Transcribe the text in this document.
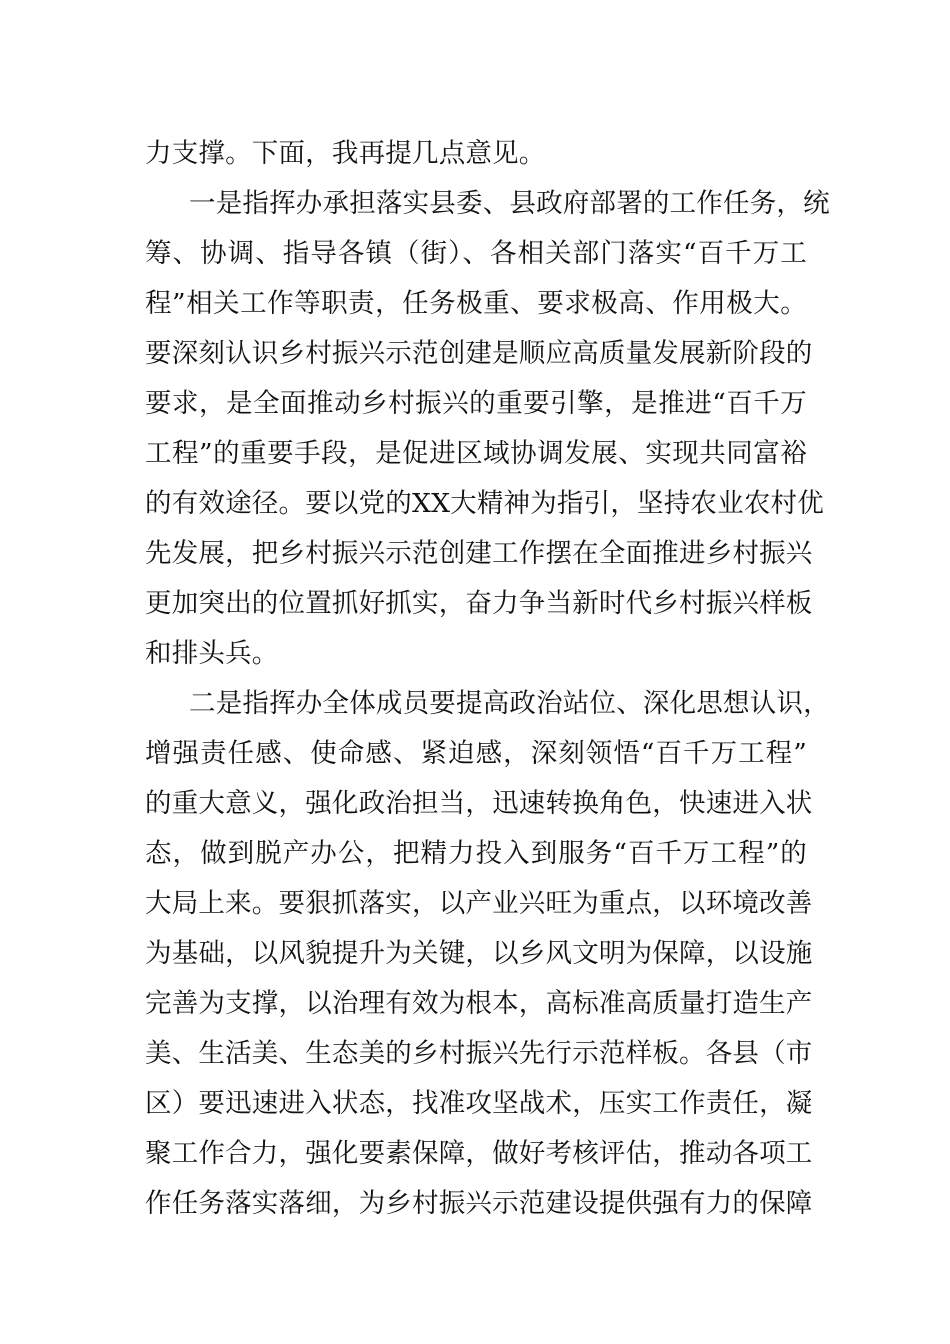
力支撑。下面，我再提几点意见。
一是指挥办承担落实县委、县政府部署的工作任务，统
筹、协调、指导各镇（街）、各相关部门落实“百千万工
程”相关工作等职责，任务极重、要求极高、作用极大。
要深刻认识乡村振兴示范创建是顺应高质量发展新阶段的
要求，是全面推动乡村振兴的重要引擎，是推进“百千万
工程”的重要手段，是促进区域协调发展、实现共同富裕
的有效途径。要以党的XX大精神为指引，坚持农业农村优
先发展，把乡村振兴示范创建工作摆在全面推进乡村振兴
更加突出的位置抓好抓实，奋力争当新时代乡村振兴样板
和排头兵。
二是指挥办全体成员要提高政治站位、深化思想认识，
增强责任感、使命感、紧迫感，深刻领悟“百千万工程”
的重大意义，强化政治担当，迅速转换角色，快速进入状
态，做到脱产办公，把精力投入到服务“百千万工程”的
大局上来。要狠抓落实，以产业兴旺为重点，以环境改善
为基础，以风貌提升为关键，以乡风文明为保障，以设施
完善为支撑，以治理有效为根本，高标准高质量打造生产
美、生活美、生态美的乡村振兴先行示范样板。各县（市
区）要迅速进入状态，找准攻坚战术，压实工作责任，凝
聚工作合力，强化要素保障，做好考核评估，推动各项工
作任务落实落细，为乡村振兴示范建设提供强有力的保障
